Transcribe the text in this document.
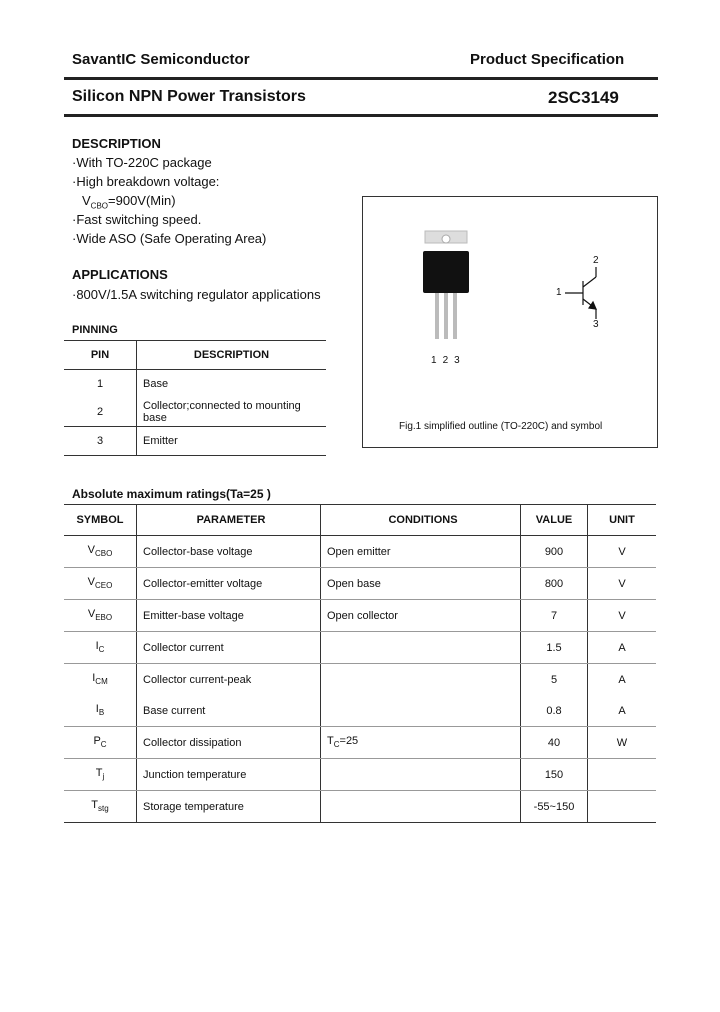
SavantIC Semiconductor	Product Specification
Silicon NPN Power Transistors	2SC3149
DESCRIPTION
·With TO-220C package
·High breakdown voltage:
$V_{CBO}=900V(Min)$
·Fast switching speed.
·Wide ASO (Safe Operating Area)
APPLICATIONS
·800V/1.5A switching regulator applications
PINNING
PIN	DESCRIPTION
1	Base
2	Collector;connected to mounting base
3	Emitter
123
1
2
3
Fig.1 simplified outline (TO-220C) and symbol
Absolute maximum ratings(Ta=25 )
SYMBOL	PARAMETER	CONDITIONS	VALUE	UNIT
$V_{CBO}$	Collector-base voltage	Open emitter	900	V
$V_{CEO}$	Collector-emitter voltage	Open base	800	V
$V_{EBO}$	Emitter-base voltage	Open collector	7	V
$I_C$	Collector current		1.5	A
$I_{CM}$	Collector current-peak		5	A
$I_B$	Base current		0.8	A
$P_C$	Collector dissipation	$T_C=25$	40	W
$T_j$	Junction temperature		150	
$T_{stg}$	Storage temperature		-55~150	
